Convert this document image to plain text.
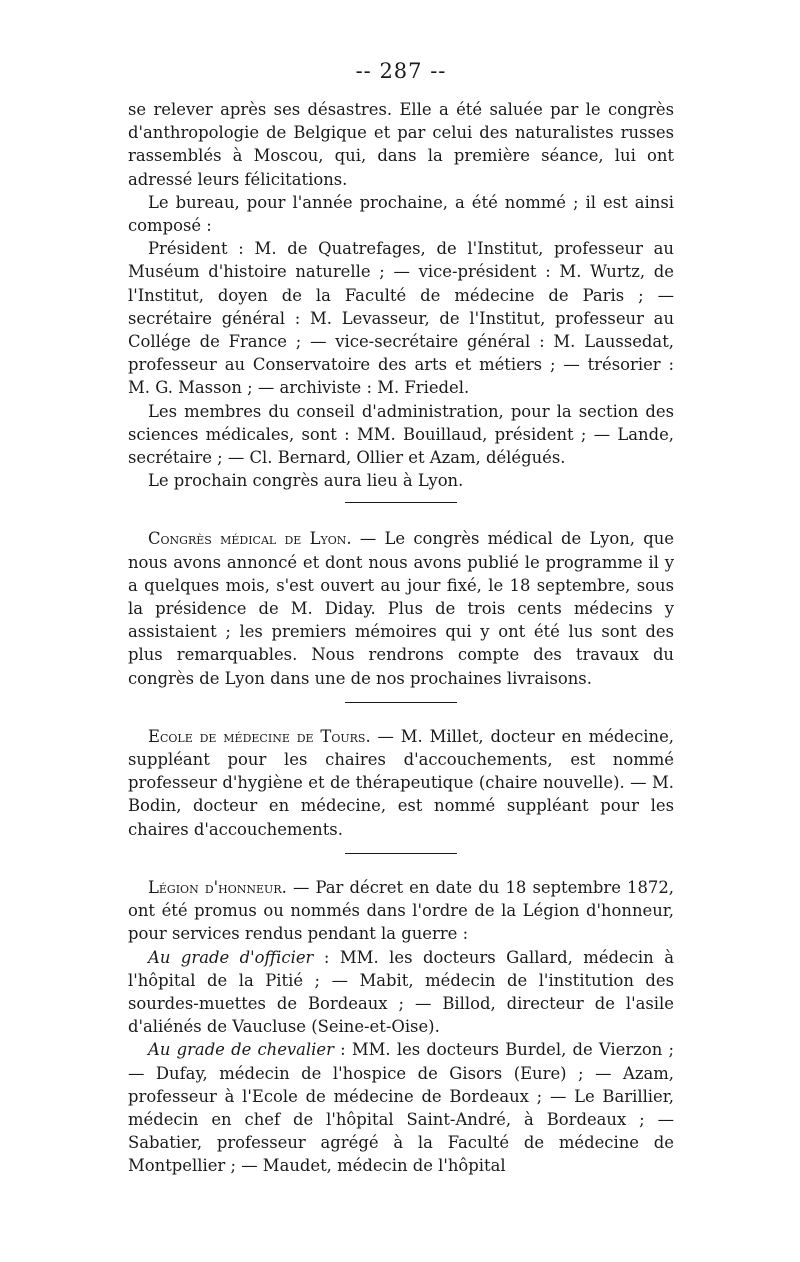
-- 287 --

se relever après ses désastres. Elle a été saluée par le congrès d'anthropologie de Belgique et par celui des naturalistes russes rassemblés à Moscou, qui, dans la première séance, lui ont adressé leurs félicitations.

Le bureau, pour l'année prochaine, a été nommé ; il est ainsi composé :

Président : M. de Quatrefages, de l'Institut, professeur au Muséum d'histoire naturelle ; — vice-président : M. Wurtz, de l'Institut, doyen de la Faculté de médecine de Paris ; — secrétaire général : M. Levasseur, de l'Institut, professeur au Collége de France ; — vice-secrétaire général : M. Laussedat, professeur au Conservatoire des arts et métiers ; — trésorier : M. G. Masson ; — archiviste : M. Friedel.

Les membres du conseil d'administration, pour la section des sciences médicales, sont : MM. Bouillaud, président ; — Lande, secrétaire ; — Cl. Bernard, Ollier et Azam, délégués.

Le prochain congrès aura lieu à Lyon.

Congrès médical de Lyon. — Le congrès médical de Lyon, que nous avons annoncé et dont nous avons publié le programme il y a quelques mois, s'est ouvert au jour fixé, le 18 septembre, sous la présidence de M. Diday. Plus de trois cents médecins y assistaient ; les premiers mémoires qui y ont été lus sont des plus remarquables. Nous rendrons compte des travaux du congrès de Lyon dans une de nos prochaines livraisons.

Ecole de médecine de Tours. — M. Millet, docteur en médecine, suppléant pour les chaires d'accouchements, est nommé professeur d'hygiène et de thérapeutique (chaire nouvelle). — M. Bodin, docteur en médecine, est nommé suppléant pour les chaires d'accouchements.

Légion d'honneur. — Par décret en date du 18 septembre 1872, ont été promus ou nommés dans l'ordre de la Légion d'honneur, pour services rendus pendant la guerre :

Au grade d'officier : MM. les docteurs Gallard, médecin à l'hôpital de la Pitié ; — Mabit, médecin de l'institution des sourdes-muettes de Bordeaux ; — Billod, directeur de l'asile d'aliénés de Vaucluse (Seine-et-Oise).

Au grade de chevalier : MM. les docteurs Burdel, de Vierzon ; — Dufay, médecin de l'hospice de Gisors (Eure) ; — Azam, professeur à l'Ecole de médecine de Bordeaux ; — Le Barillier, médecin en chef de l'hôpital Saint-André, à Bordeaux ; — Sabatier, professeur agrégé à la Faculté de médecine de Montpellier ; — Maudet, médecin de l'hôpital
